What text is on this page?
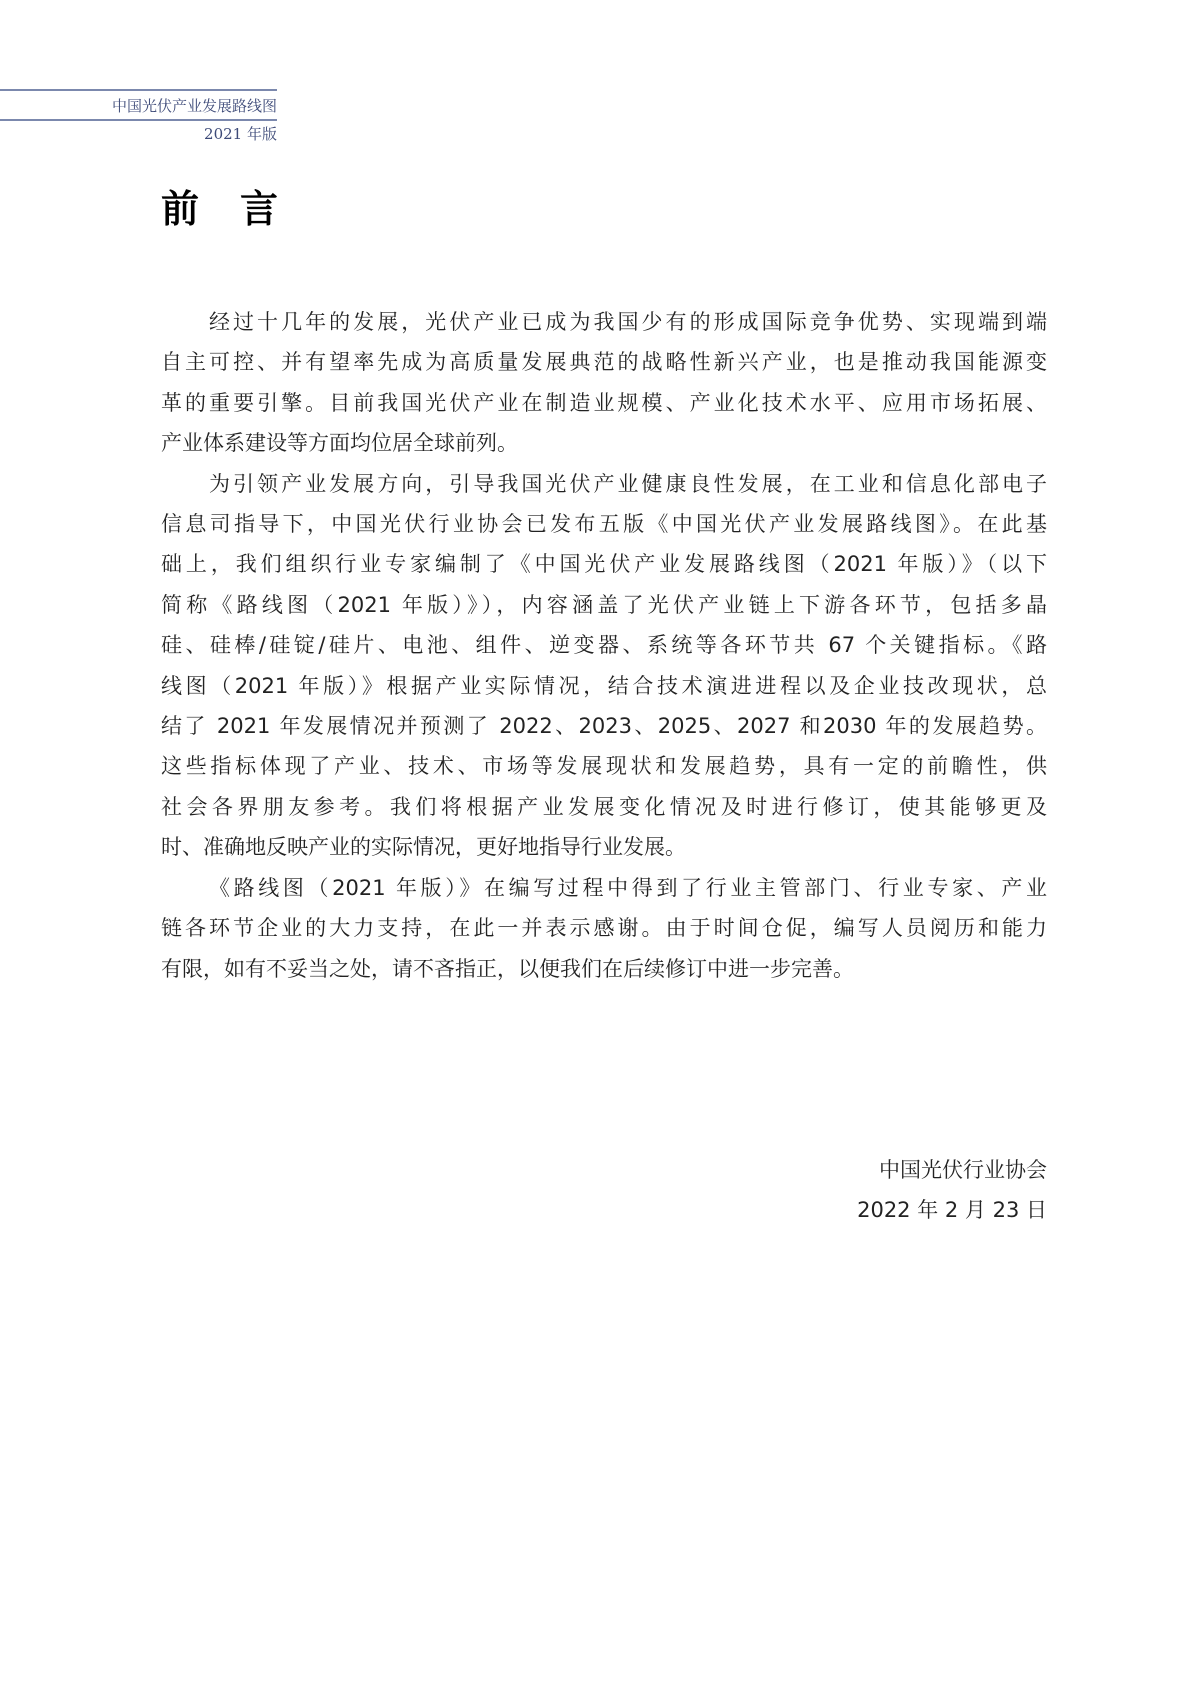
中国光伏产业发展路线图
2021 年版
前 言
经过十几年的发展，光伏产业已成为我国少有的形成国际竞争优势、实现端到端
自主可控、并有望率先成为高质量发展典范的战略性新兴产业，也是推动我国能源变
革的重要引擎。目前我国光伏产业在制造业规模、产业化技术水平、应用市场拓展、
产业体系建设等方面均位居全球前列。
为引领产业发展方向，引导我国光伏产业健康良性发展，在工业和信息化部电子
信息司指导下，中国光伏行业协会已发布五版《中国光伏产业发展路线图》。在此基
础上，我们组织行业专家编制了《中国光伏产业发展路线图（2021 年版）》（以下
简称《路线图（2021 年版）》），内容涵盖了光伏产业链上下游各环节，包括多晶
硅、硅棒/硅锭/硅片、电池、组件、逆变器、系统等各环节共 67 个关键指标。《路
线图（2021 年版）》根据产业实际情况，结合技术演进进程以及企业技改现状，总
结了 2021 年发展情况并预测了 2022、2023、2025、2027 和2030 年的发展趋势。
这些指标体现了产业、技术、市场等发展现状和发展趋势，具有一定的前瞻性，供
社会各界朋友参考。我们将根据产业发展变化情况及时进行修订，使其能够更及
时、准确地反映产业的实际情况，更好地指导行业发展。
《路线图（2021 年版）》在编写过程中得到了行业主管部门、行业专家、产业
链各环节企业的大力支持，在此一并表示感谢。由于时间仓促，编写人员阅历和能力
有限，如有不妥当之处，请不吝指正，以便我们在后续修订中进一步完善。
中国光伏行业协会
2022 年 2 月 23 日
